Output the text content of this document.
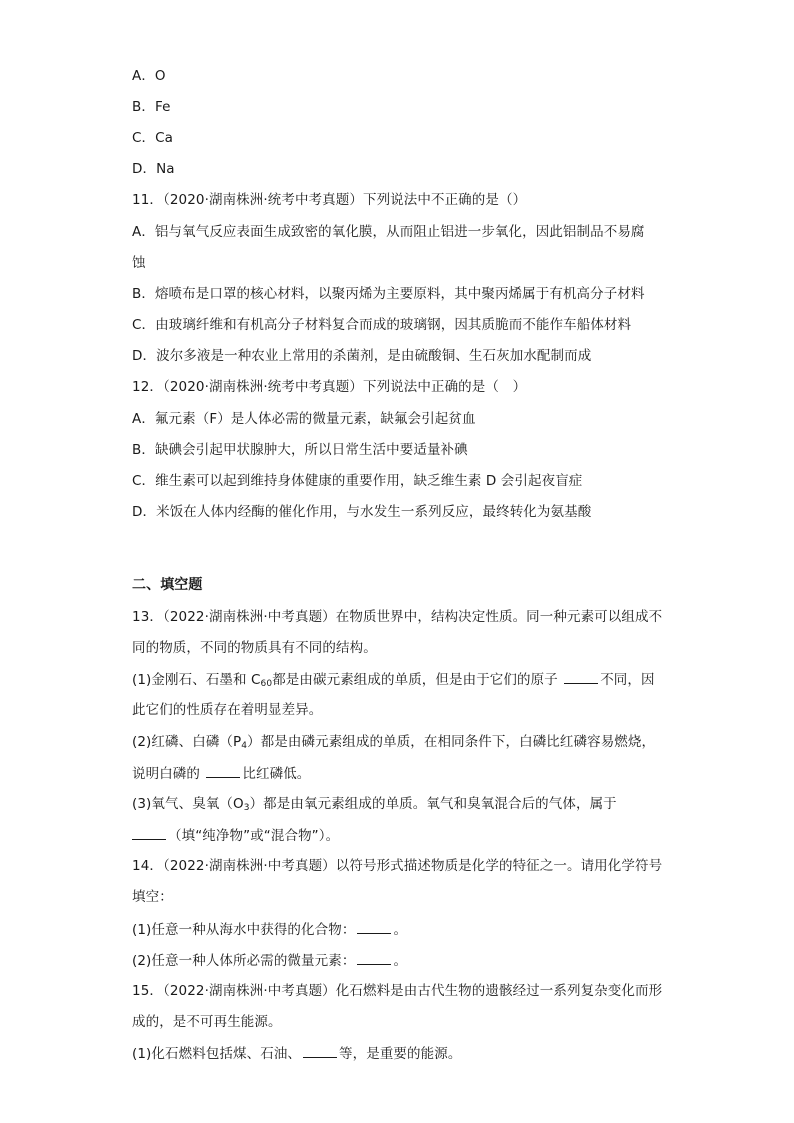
A．O
B．Fe
C．Ca
D．Na
11．（2020·湖南株洲·统考中考真题）下列说法中不正确的是（）
A．铝与氧气反应表面生成致密的氧化膜，从而阻止铝进一步氧化，因此铝制品不易腐
蚀
B．熔喷布是口罩的核心材料，以聚丙烯为主要原料，其中聚丙烯属于有机高分子材料
C．由玻璃纤维和有机高分子材料复合而成的玻璃钢，因其质脆而不能作车船体材料
D．波尔多液是一种农业上常用的杀菌剂，是由硫酸铜、生石灰加水配制而成
12．（2020·湖南株洲·统考中考真题）下列说法中正确的是（　）
A．氟元素（F）是人体必需的微量元素，缺氟会引起贫血
B．缺碘会引起甲状腺肿大，所以日常生活中要适量补碘
C．维生素可以起到维持身体健康的重要作用，缺乏维生素 D 会引起夜盲症
D．米饭在人体内经酶的催化作用，与水发生一系列反应，最终转化为氨基酸
二、填空题
13．（2022·湖南株洲·中考真题）在物质世界中，结构决定性质。同一种元素可以组成不
同的物质，不同的物质具有不同的结构。
(1)金刚石、石墨和 $C_{60}$都是由碳元素组成的单质，但是由于它们的原子	不同，因
此它们的性质存在着明显差异。
(2)红磷、白磷$(P_4)$都是由磷元素组成的单质，在相同条件下，白磷比红磷容易燃烧，
说明白磷的	比红磷低。
(3)氧气、臭氧$(O_3)$都是由氧元素组成的单质。氧气和臭氧混合后的气体，属于
（填“纯净物”或“混合物”）。
14．（2022·湖南株洲·中考真题）以符号形式描述物质是化学的特征之一。请用化学符号
填空：
(1)任意一种从海水中获得的化合物：	。
(2)任意一种人体所必需的微量元素：	。
15．（2022·湖南株洲·中考真题）化石燃料是由古代生物的遗骸经过一系列复杂变化而形
成的，是不可再生能源。
(1)化石燃料包括煤、石油、	等，是重要的能源。
